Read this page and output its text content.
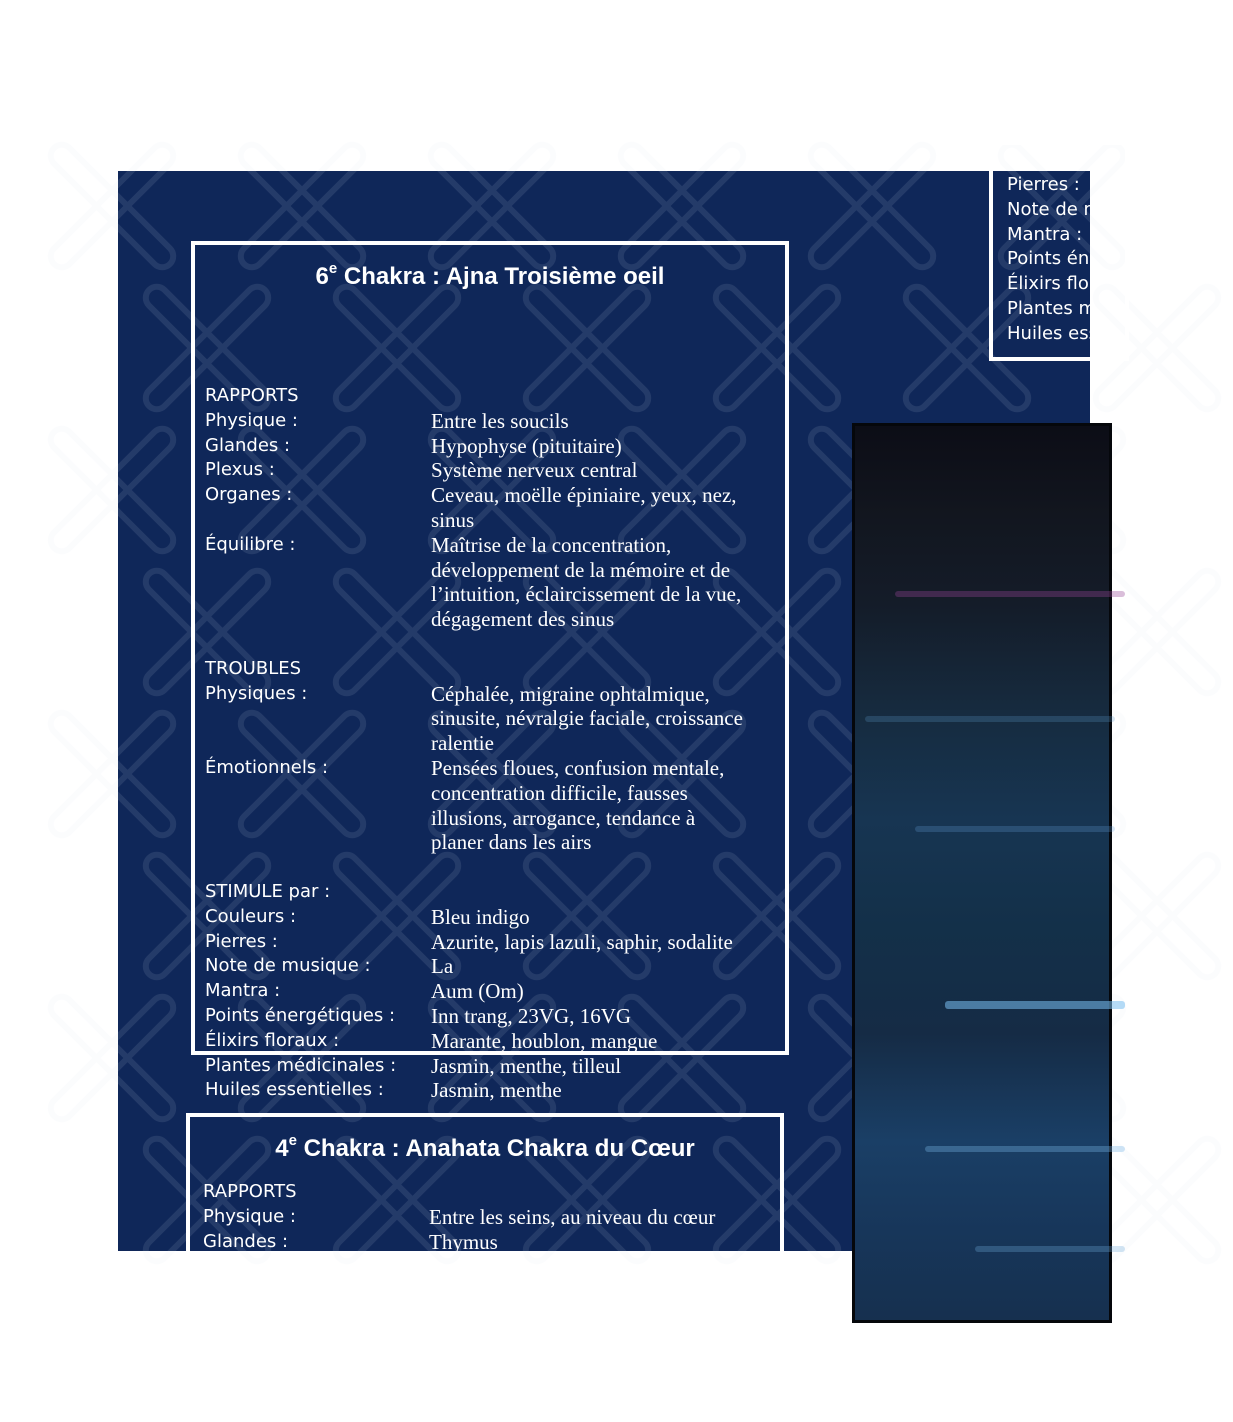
Pierres :
Note de m
Mantra :
Points én
Élixirs flor
Plantes m
Huiles ess
6e Chakra : Ajna Troisième oeil
RAPPORTS
Physique :	Entre les soucils
Glandes :	Hypophyse (pituitaire)
Plexus :	Système nerveux central
Organes :	Ceveau, moëlle épiniaire, yeux, nez,
sinus
Équilibre :	Maîtrise de la concentration,
développement de la mémoire et de
l’intuition, éclaircissement de la vue,
dégagement des sinus
TROUBLES
Physiques :	Céphalée, migraine ophtalmique,
sinusite, névralgie faciale, croissance
ralentie
Émotionnels :	Pensées floues, confusion mentale,
concentration difficile, fausses
illusions, arrogance, tendance à
planer dans les airs
STIMULE par :
Couleurs :	Bleu indigo
Pierres :	Azurite, lapis lazuli, saphir, sodalite
Note de musique :	La
Mantra :	Aum (Om)
Points énergétiques :	Inn trang, 23VG, 16VG
Élixirs floraux :	Marante, houblon, mangue
Plantes médicinales :	Jasmin, menthe, tilleul
Huiles essentielles :	Jasmin, menthe
4e Chakra : Anahata Chakra du Cœur
RAPPORTS
Physique :	Entre les seins, au niveau du cœur
Glandes :	Thymus
